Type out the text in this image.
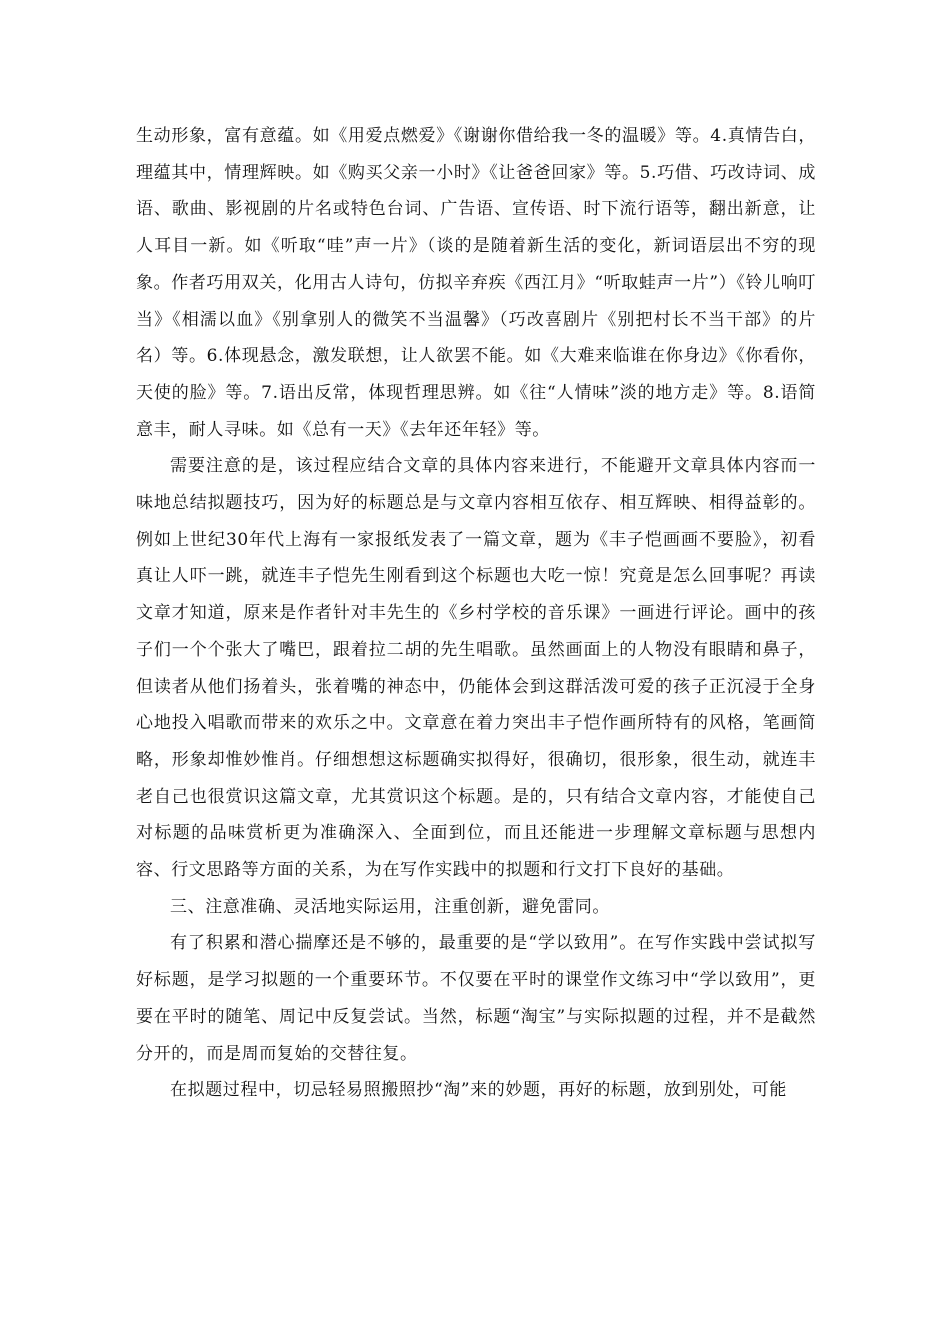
生动形象，富有意蕴。如《用爱点燃爱》《谢谢你借给我一冬的温暖》等。4.真情告白，理蕴其中，情理辉映。如《购买父亲一小时》《让爸爸回家》等。5.巧借、巧改诗词、成语、歌曲、影视剧的片名或特色台词、广告语、宣传语、时下流行语等，翻出新意，让人耳目一新。如《听取“哇”声一片》（谈的是随着新生活的变化，新词语层出不穷的现象。作者巧用双关，化用古人诗句，仿拟辛弃疾《西江月》“听取蛙声一片”）《铃儿响叮当》《相濡以血》《别拿别人的微笑不当温馨》（巧改喜剧片《别把村长不当干部》的片名）等。6.体现悬念，激发联想，让人欲罢不能。如《大难来临谁在你身边》《你看你，天使的脸》等。7.语出反常，体现哲理思辨。如《往“人情味”淡的地方走》等。8.语简意丰，耐人寻味。如《总有一天》《去年还年轻》等。

需要注意的是，该过程应结合文章的具体内容来进行，不能避开文章具体内容而一味地总结拟题技巧，因为好的标题总是与文章内容相互依存、相互辉映、相得益彰的。例如上世纪30年代上海有一家报纸发表了一篇文章，题为《丰子恺画画不要脸》，初看真让人吓一跳，就连丰子恺先生刚看到这个标题也大吃一惊！究竟是怎么回事呢？再读文章才知道，原来是作者针对丰先生的《乡村学校的音乐课》一画进行评论。画中的孩子们一个个张大了嘴巴，跟着拉二胡的先生唱歌。虽然画面上的人物没有眼睛和鼻子，但读者从他们扬着头，张着嘴的神态中，仍能体会到这群活泼可爱的孩子正沉浸于全身心地投入唱歌而带来的欢乐之中。文章意在着力突出丰子恺作画所特有的风格，笔画简略，形象却惟妙惟肖。仔细想想这标题确实拟得好，很确切，很形象，很生动，就连丰老自己也很赏识这篇文章，尤其赏识这个标题。是的，只有结合文章内容，才能使自己对标题的品味赏析更为准确深入、全面到位，而且还能进一步理解文章标题与思想内容、行文思路等方面的关系，为在写作实践中的拟题和行文打下良好的基础。

三、注意准确、灵活地实际运用，注重创新，避免雷同。

有了积累和潜心揣摩还是不够的，最重要的是“学以致用”。在写作实践中尝试拟写好标题，是学习拟题的一个重要环节。不仅要在平时的课堂作文练习中“学以致用”，更要在平时的随笔、周记中反复尝试。当然，标题“淘宝”与实际拟题的过程，并不是截然分开的，而是周而复始的交替往复。

在拟题过程中，切忌轻易照搬照抄“淘”来的妙题，再好的标题，放到别处，可能
